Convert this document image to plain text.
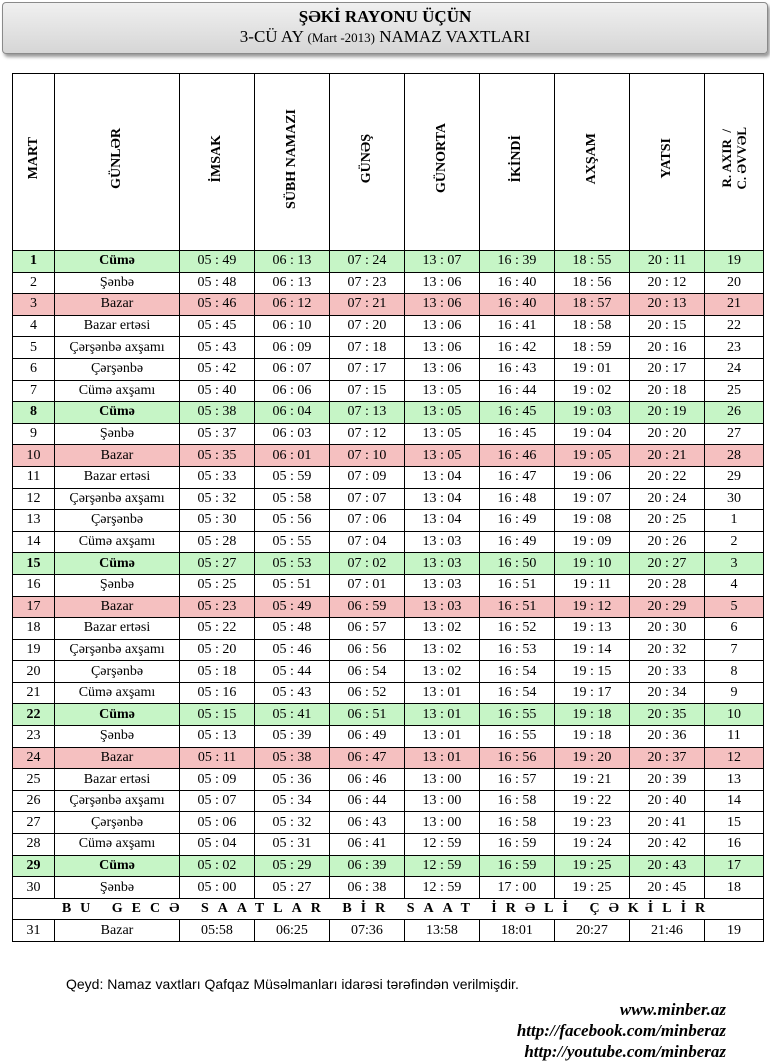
ŞƏKİ RAYONU ÜÇÜN
3-CÜ AY (Mart -2013) NAMAZ VAXTLARI
MART	GÜNLƏR	İMSAK	SÜBH NAMAZI	GÜNƏŞ	GÜNORTA	İKİNDİ	AXŞAM	YATSI	R. AXIR  /
C. ƏVVƏL
1	Cümə	05 : 49	06 : 13	07 : 24	13 : 07	16 : 39	18 : 55	20 : 11	19
2	Şənbə	05 : 48	06 : 13	07 : 23	13 : 06	16 : 40	18 : 56	20 : 12	20
3	Bazar	05 : 46	06 : 12	07 : 21	13 : 06	16 : 40	18 : 57	20 : 13	21
4	Bazar ertəsi	05 : 45	06 : 10	07 : 20	13 : 06	16 : 41	18 : 58	20 : 15	22
5	Çərşənbə axşamı	05 : 43	06 : 09	07 : 18	13 : 06	16 : 42	18 : 59	20 : 16	23
6	Çərşənbə	05 : 42	06 : 07	07 : 17	13 : 06	16 : 43	19 : 01	20 : 17	24
7	Cümə axşamı	05 : 40	06 : 06	07 : 15	13 : 05	16 : 44	19 : 02	20 : 18	25
8	Cümə	05 : 38	06 : 04	07 : 13	13 : 05	16 : 45	19 : 03	20 : 19	26
9	Şənbə	05 : 37	06 : 03	07 : 12	13 : 05	16 : 45	19 : 04	20 : 20	27
10	Bazar	05 : 35	06 : 01	07 : 10	13 : 05	16 : 46	19 : 05	20 : 21	28
11	Bazar ertəsi	05 : 33	05 : 59	07 : 09	13 : 04	16 : 47	19 : 06	20 : 22	29
12	Çərşənbə axşamı	05 : 32	05 : 58	07 : 07	13 : 04	16 : 48	19 : 07	20 : 24	30
13	Çərşənbə	05 : 30	05 : 56	07 : 06	13 : 04	16 : 49	19 : 08	20 : 25	1
14	Cümə axşamı	05 : 28	05 : 55	07 : 04	13 : 03	16 : 49	19 : 09	20 : 26	2
15	Cümə	05 : 27	05 : 53	07 : 02	13 : 03	16 : 50	19 : 10	20 : 27	3
16	Şənbə	05 : 25	05 : 51	07 : 01	13 : 03	16 : 51	19 : 11	20 : 28	4
17	Bazar	05 : 23	05 : 49	06 : 59	13 : 03	16 : 51	19 : 12	20 : 29	5
18	Bazar ertəsi	05 : 22	05 : 48	06 : 57	13 : 02	16 : 52	19 : 13	20 : 30	6
19	Çərşənbə axşamı	05 : 20	05 : 46	06 : 56	13 : 02	16 : 53	19 : 14	20 : 32	7
20	Çərşənbə	05 : 18	05 : 44	06 : 54	13 : 02	16 : 54	19 : 15	20 : 33	8
21	Cümə axşamı	05 : 16	05 : 43	06 : 52	13 : 01	16 : 54	19 : 17	20 : 34	9
22	Cümə	05 : 15	05 : 41	06 : 51	13 : 01	16 : 55	19 : 18	20 : 35	10
23	Şənbə	05 : 13	05 : 39	06 : 49	13 : 01	16 : 55	19 : 18	20 : 36	11
24	Bazar	05 : 11	05 : 38	06 : 47	13 : 01	16 : 56	19 : 20	20 : 37	12
25	Bazar ertəsi	05 : 09	05 : 36	06 : 46	13 : 00	16 : 57	19 : 21	20 : 39	13
26	Çərşənbə axşamı	05 : 07	05 : 34	06 : 44	13 : 00	16 : 58	19 : 22	20 : 40	14
27	Çərşənbə	05 : 06	05 : 32	06 : 43	13 : 00	16 : 58	19 : 23	20 : 41	15
28	Cümə axşamı	05 : 04	05 : 31	06 : 41	12 : 59	16 : 59	19 : 24	20 : 42	16
29	Cümə	05 : 02	05 : 29	06 : 39	12 : 59	16 : 59	19 : 25	20 : 43	17
30	Şənbə	05 : 00	05 : 27	06 : 38	12 : 59	17 : 00	19 : 25	20 : 45	18
BU GECƏ SAATLAR BİR SAAT İRƏLİ ÇƏKİLİR									
31	Bazar	05:58	06:25	07:36	13:58	18:01	20:27	21:46	19
Qeyd: Namaz vaxtları Qafqaz Müsəlmanları idarəsi tərəfindən verilmişdir.
www.minber.az
http://facebook.com/minberaz
http://youtube.com/minberaz
